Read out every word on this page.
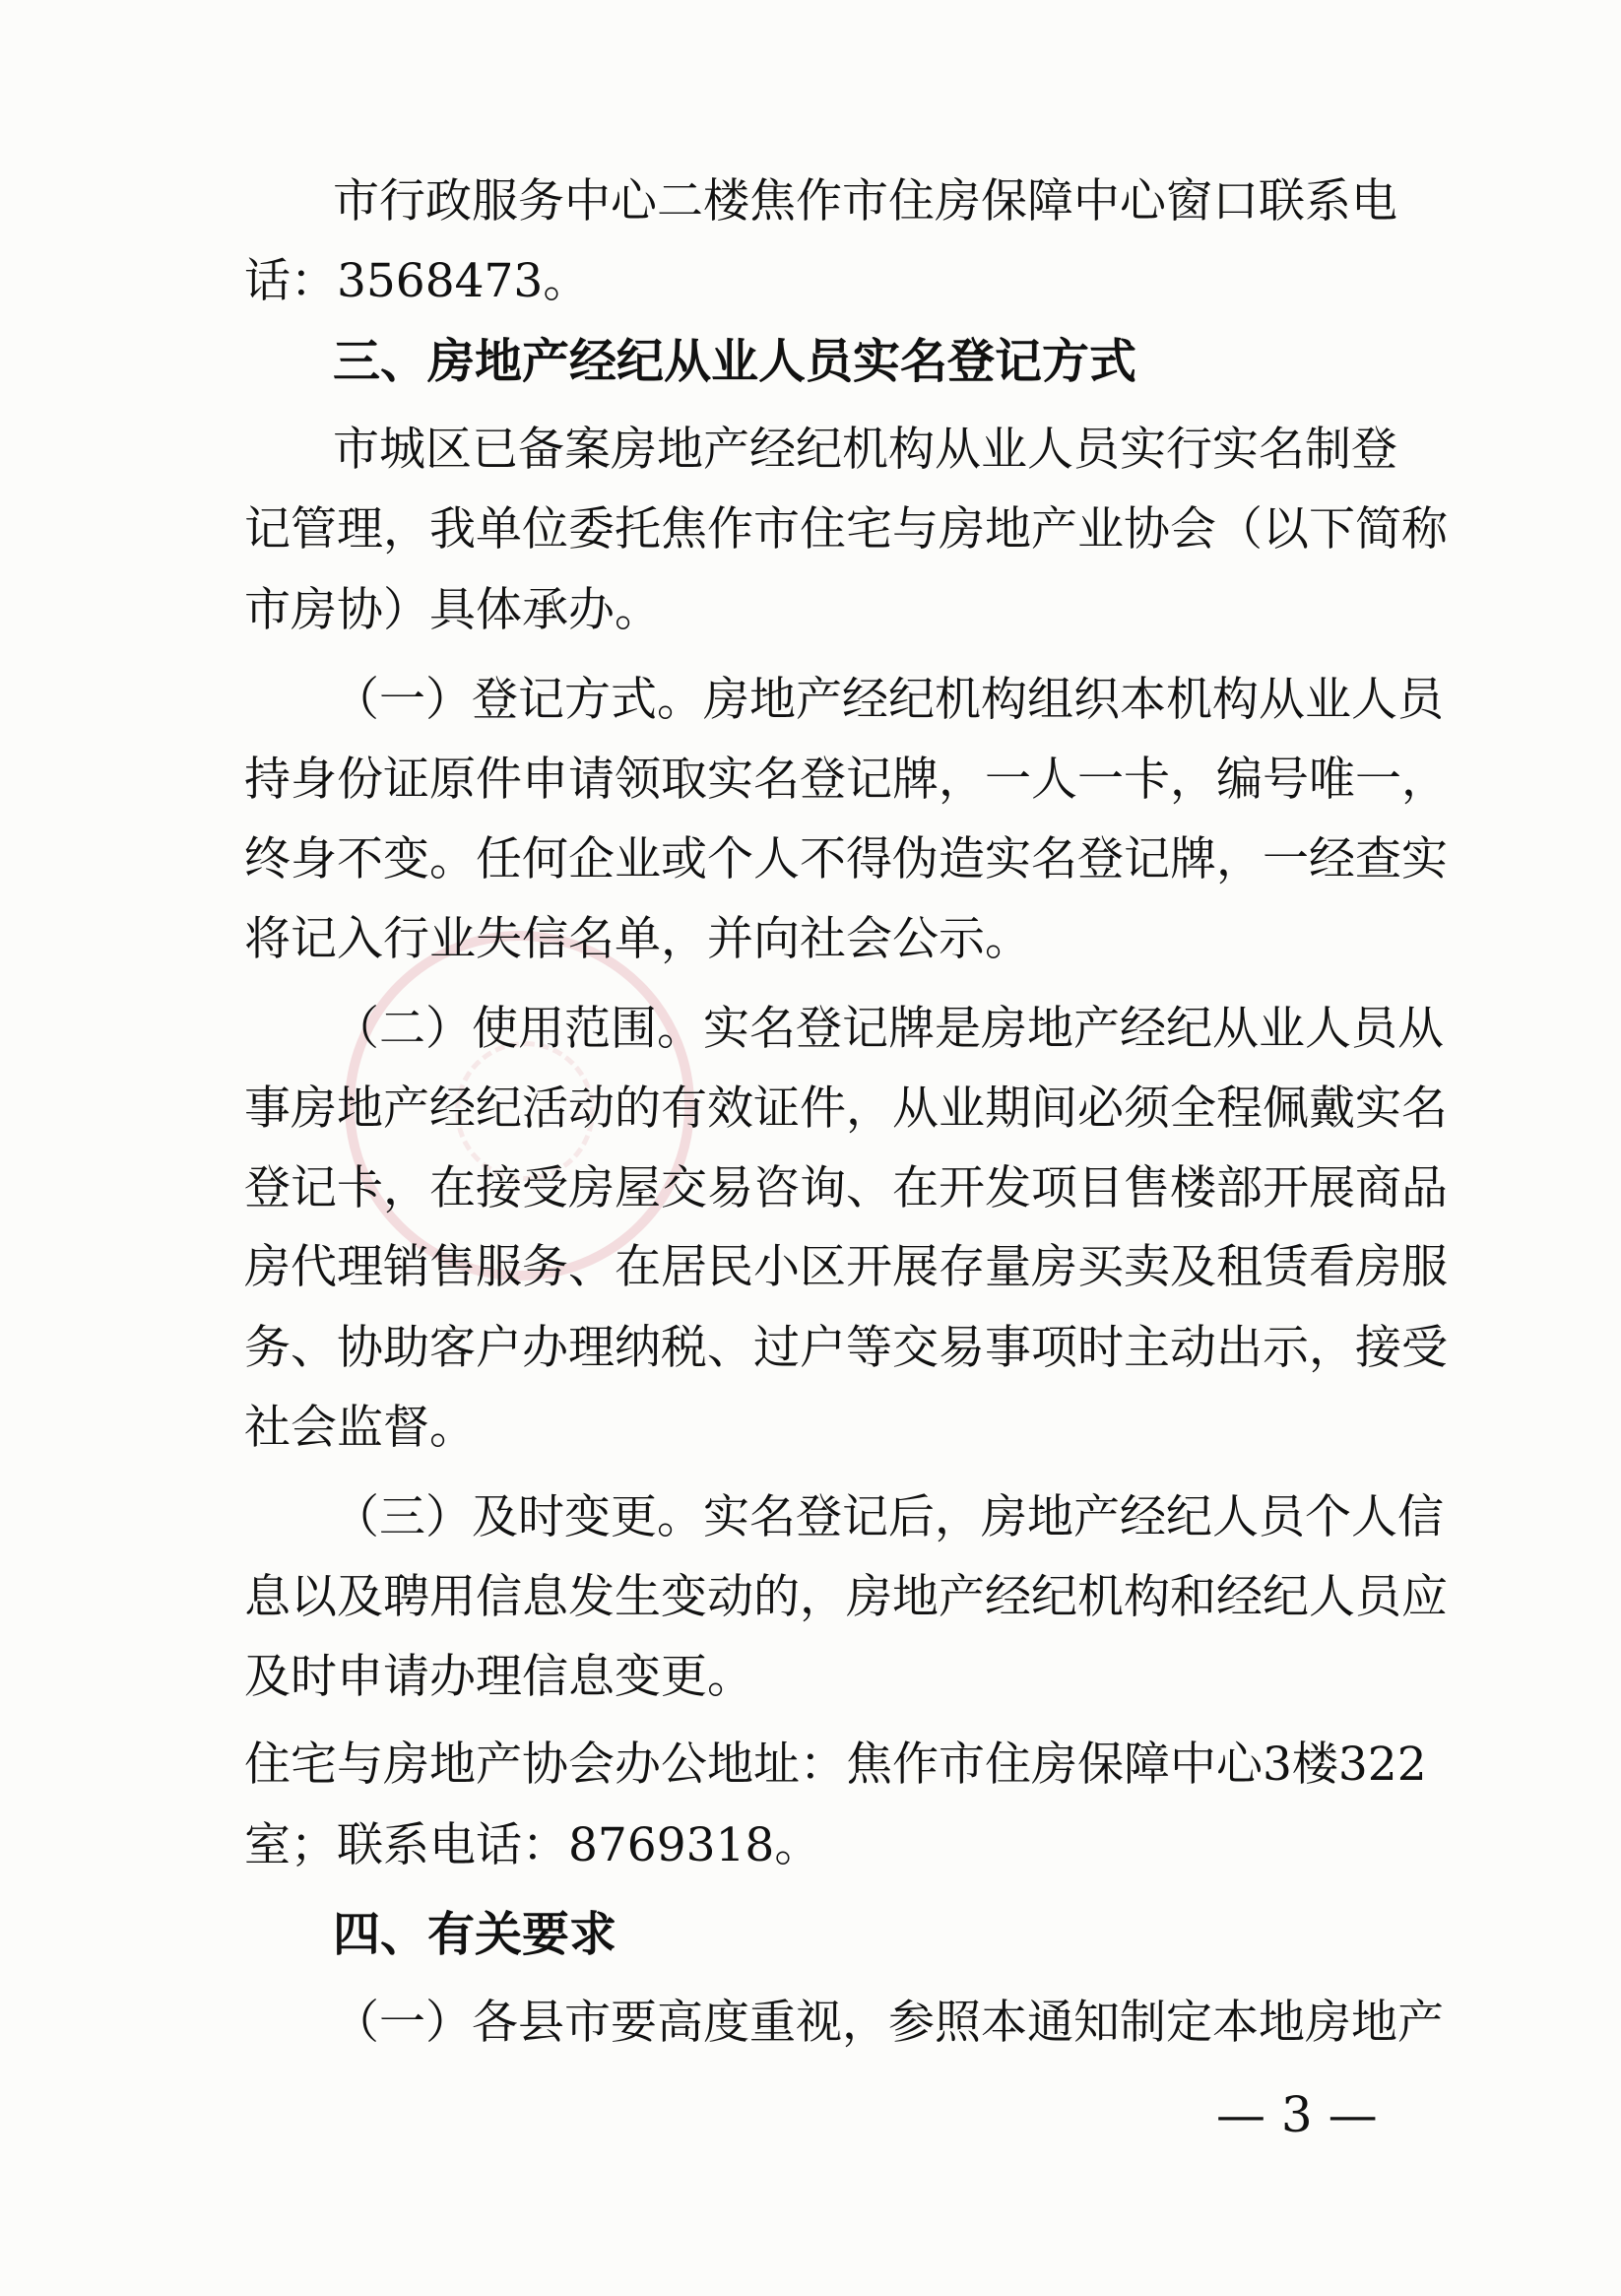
市行政服务中心二楼焦作市住房保障中心窗口联系电
话：3568473。
三、房地产经纪从业人员实名登记方式
市城区已备案房地产经纪机构从业人员实行实名制登
记管理，我单位委托焦作市住宅与房地产业协会（以下简称
市房协）具体承办。
（一）登记方式。房地产经纪机构组织本机构从业人员
持身份证原件申请领取实名登记牌，一人一卡，编号唯一，
终身不变。任何企业或个人不得伪造实名登记牌，一经查实
将记入行业失信名单，并向社会公示。
（二）使用范围。实名登记牌是房地产经纪从业人员从
事房地产经纪活动的有效证件，从业期间必须全程佩戴实名
登记卡，在接受房屋交易咨询、在开发项目售楼部开展商品
房代理销售服务、在居民小区开展存量房买卖及租赁看房服
务、协助客户办理纳税、过户等交易事项时主动出示，接受
社会监督。
（三）及时变更。实名登记后，房地产经纪人员个人信
息以及聘用信息发生变动的，房地产经纪机构和经纪人员应
及时申请办理信息变更。
住宅与房地产协会办公地址：焦作市住房保障中心3楼322
室；联系电话：8769318。
四、有关要求
（一）各县市要高度重视，参照本通知制定本地房地产
— 3 —
